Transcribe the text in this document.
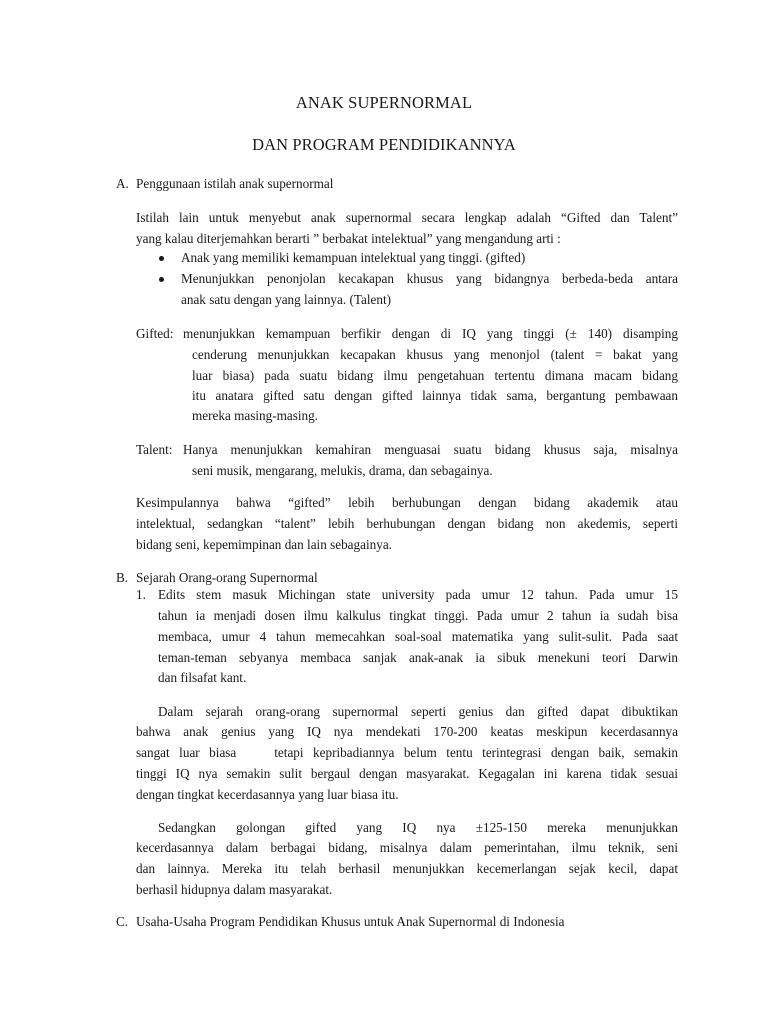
ANAK SUPERNORMAL
DAN PROGRAM PENDIDIKANNYA
A. Penggunaan istilah anak supernormal
Istilah lain untuk menyebut anak supernormal secara lengkap adalah “Gifted dan Talent”
yang kalau diterjemahkan berarti ” berbakat intelektual” yang mengandung arti :
Anak yang memiliki kemampuan intelektual yang tinggi. (gifted)
Menunjukkan penonjolan kecakapan khusus yang bidangnya berbeda-beda antara
anak satu dengan yang lainnya. (Talent)
Gifted: menunjukkan kemampuan berfikir dengan di IQ yang tinggi (± 140) disamping
cenderung menunjukkan kecapakan khusus yang menonjol (talent = bakat yang
luar biasa) pada suatu bidang ilmu pengetahuan tertentu dimana macam bidang
itu anatara gifted satu dengan gifted lainnya tidak sama, bergantung pembawaan
mereka masing-masing.
Talent: Hanya menunjukkan kemahiran menguasai suatu bidang khusus saja, misalnya
seni musik, mengarang, melukis, drama, dan sebagainya.
Kesimpulannya bahwa “gifted” lebih berhubungan dengan bidang akademik atau
intelektual, sedangkan “talent” lebih berhubungan dengan bidang non akedemis, seperti
bidang seni, kepemimpinan dan lain sebagainya.
B. Sejarah Orang-orang Supernormal
1. Edits stem masuk Michingan state university pada umur 12 tahun. Pada umur 15
tahun ia menjadi dosen ilmu kalkulus tingkat tinggi. Pada umur 2 tahun ia sudah bisa
membaca, umur 4 tahun memecahkan soal-soal matematika yang sulit-sulit. Pada saat
teman-teman sebyanya membaca sanjak anak-anak ia sibuk menekuni teori Darwin
dan filsafat kant.
Dalam sejarah orang-orang supernormal seperti genius dan gifted dapat dibuktikan
bahwa anak genius yang IQ nya mendekati 170-200 keatas meskipun kecerdasannya
sangat luar biasa    tetapi kepribadiannya belum tentu terintegrasi dengan baik, semakin
tinggi IQ nya semakin sulit bergaul dengan masyarakat. Kegagalan ini karena tidak sesuai
dengan tingkat kecerdasannya yang luar biasa itu.
Sedangkan golongan gifted yang IQ nya ±125-150 mereka menunjukkan
kecerdasannya dalam berbagai bidang, misalnya dalam pemerintahan, ilmu teknik, seni
dan lainnya. Mereka itu telah berhasil menunjukkan kecemerlangan sejak kecil, dapat
berhasil hidupnya dalam masyarakat.
C. Usaha-Usaha Program Pendidikan Khusus untuk Anak Supernormal di Indonesia
